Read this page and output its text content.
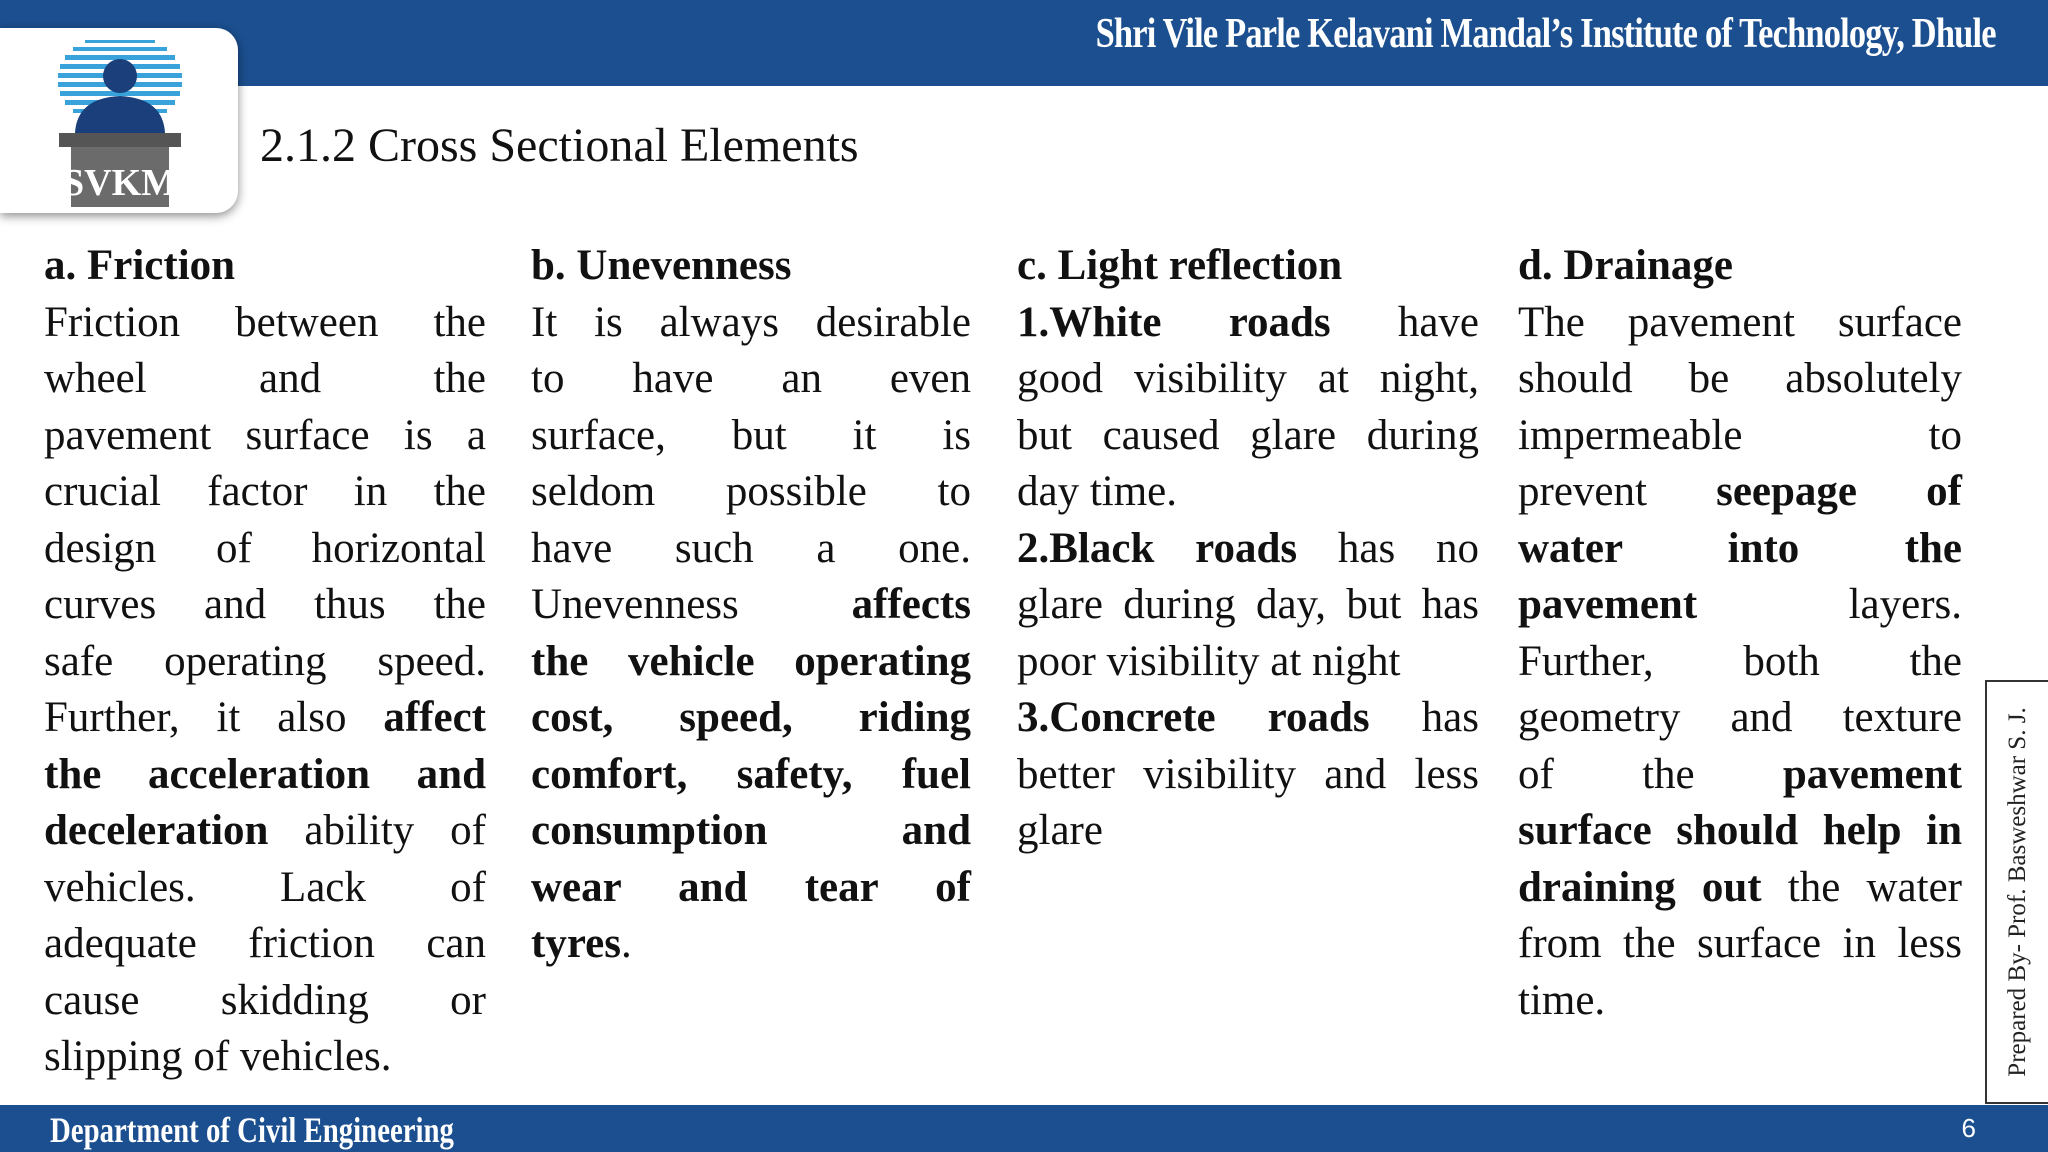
Shri Vile Parle Kelavani Mandal’s Institute of Technology, Dhule
SVKM
2.1.2 Cross Sectional Elements
a. Friction
Friction between the
wheel and the
pavement surface is a
crucial factor in the
design of horizontal
curves and thus the
safe operating speed.
Further, it also affect
the acceleration and
deceleration ability of
vehicles. Lack of
adequate friction can
cause skidding or
slipping of vehicles.
b. Unevenness
It is always desirable
to have an even
surface, but it is
seldom possible to
have such a one.
Unevenness affects
the vehicle operating
cost, speed, riding
comfort, safety, fuel
consumption and
wear and tear of
tyres.
c. Light reflection
1.White roads have
good visibility at night,
but caused glare during
day time.
2.Black roads has no
glare during day, but has
poor visibility at night
3.Concrete roads has
better visibility and less
glare
d. Drainage
The pavement surface
should be absolutely
impermeable to
prevent seepage of
water into the
pavement layers.
Further, both the
geometry and texture
of the pavement
surface should help in
draining out the water
from the surface in less
time.	Prepared By- Prof. Basweshwar S. J.
Department of Civil Engineering	6
